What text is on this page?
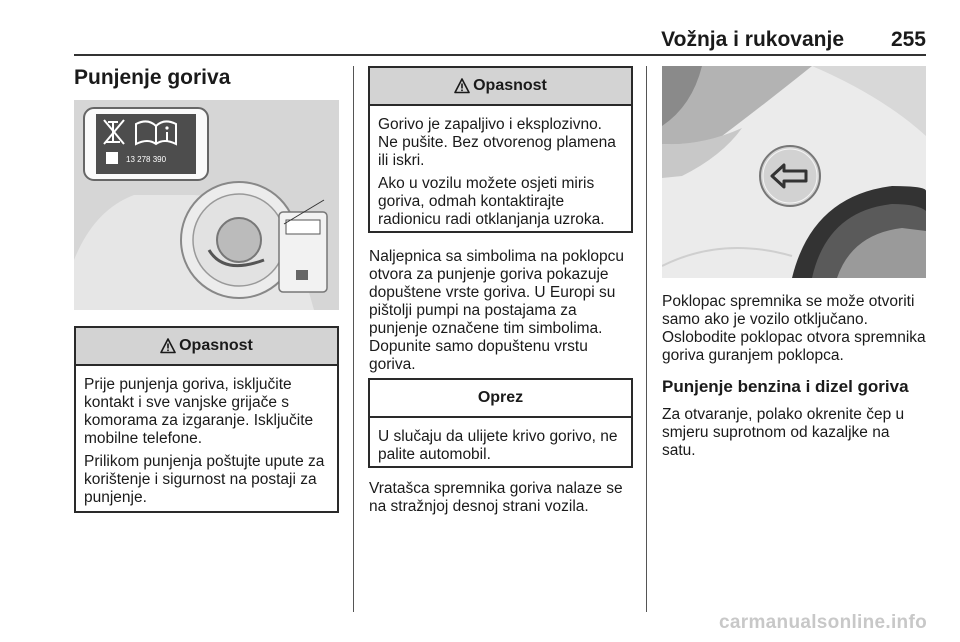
Vožnja i rukovanje 255
Punjenje goriva
13 278 390
Opasnost

Prije punjenja goriva, isključite kontakt i sve vanjske grijače s komorama za izgaranje. Isključite mobilne telefone.

Prilikom punjenja poštujte upute za korištenje i sigurnost na postaji za punjenje.

Opasnost

Gorivo je zapaljivo i eksplozivno. Ne pušite. Bez otvorenog plamena ili iskri.

Ako u vozilu možete osjeti miris goriva, odmah kontaktirajte radionicu radi otklanjanja uzroka.

Naljepnica sa simbolima na poklopcu otvora za punjenje goriva pokazuje dopuštene vrste goriva. U Europi su pištolji pumpi na postajama za punjenje označene tim simbolima. Dopunite samo dopuštenu vrstu goriva.

Oprez

U slučaju da ulijete krivo gorivo, ne palite automobil.

Vratašca spremnika goriva nalaze se na stražnjoj desnoj strani vozila.

Poklopac spremnika se može otvoriti samo ako je vozilo otključano. Oslobodite poklopac otvora spremnika goriva guranjem poklopca.

Punjenje benzina i dizel goriva

Za otvaranje, polako okrenite čep u smjeru suprotnom od kazaljke na satu.

carmanualsonline.info
